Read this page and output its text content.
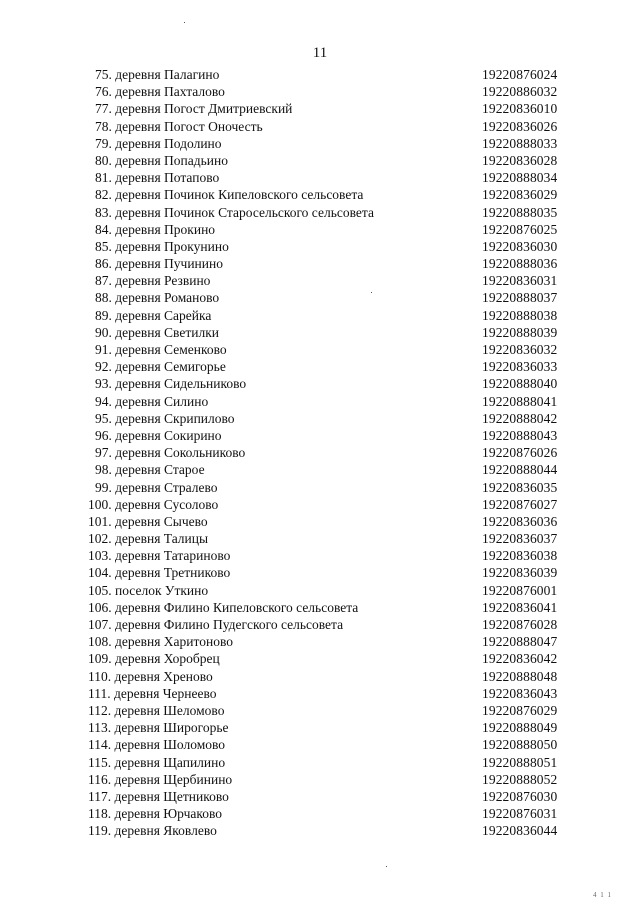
11
75. деревня Палагино	19220876024
76. деревня Пахталово	19220886032
77. деревня Погост Дмитриевский	19220836010
78. деревня Погост Оночесть	19220836026
79. деревня Подолино	19220888033
80. деревня Попадьино	19220836028
81. деревня Потапово	19220888034
82. деревня Починок Кипеловского сельсовета	19220836029
83. деревня Починок Старосельского сельсовета	19220888035
84. деревня Прокино	19220876025
85. деревня Прокунино	19220836030
86. деревня Пучинино	19220888036
87. деревня Резвино	19220836031
88. деревня Романово	19220888037
89. деревня Сарейка	19220888038
90. деревня Светилки	19220888039
91. деревня Семенково	19220836032
92. деревня Семигорье	19220836033
93. деревня Сидельниково	19220888040
94. деревня Силино	19220888041
95. деревня Скрипилово	19220888042
96. деревня Сокирино	19220888043
97. деревня Сокольниково	19220876026
98. деревня Старое	19220888044
99. деревня Стралево	19220836035
100. деревня Сусолово	19220876027
101. деревня Сычево	19220836036
102. деревня Талицы	19220836037
103. деревня Татариново	19220836038
104. деревня Третниково	19220836039
105. поселок Уткино	19220876001
106. деревня Филино Кипеловского сельсовета	19220836041
107. деревня Филино Пудегского сельсовета	19220876028
108. деревня Харитоново	19220888047
109. деревня Хоробрец	19220836042
110. деревня Хреново	19220888048
111. деревня Чернеево	19220836043
112. деревня Шеломово	19220876029
113. деревня Широгорье	19220888049
114. деревня Шоломово	19220888050
115. деревня Щапилино	19220888051
116. деревня Щербинино	19220888052
117. деревня Щетниково	19220876030
118. деревня Юрчаково	19220876031
119. деревня Яковлево	19220836044
4 1 1
